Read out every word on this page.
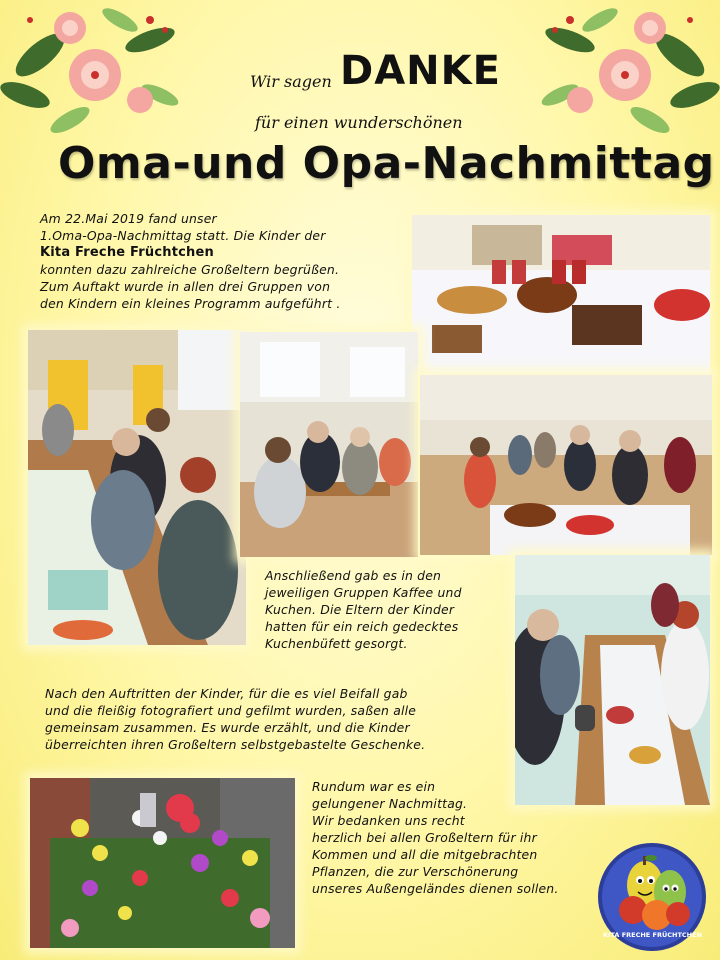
Wir sagen DANKE
für einen wunderschönen
Oma-und Opa-Nachmittag
Am 22.Mai 2019 fand unser
1.Oma-Opa-Nachmittag statt. Die Kinder der
Kita Freche Früchtchen
konnten dazu zahlreiche Großeltern begrüßen.
Zum Auftakt wurde in allen drei Gruppen von
den Kindern ein kleines Programm aufgeführt .
Anschließend gab es in den
jeweiligen Gruppen Kaffee und
Kuchen. Die Eltern der Kinder
hatten für ein reich gedecktes
Kuchenbüfett gesorgt.
Nach den Auftritten der Kinder, für die es viel Beifall gab
und die fleißig fotografiert und gefilmt wurden, saßen alle
gemeinsam zusammen. Es wurde erzählt, und die Kinder
überreichten ihren Großeltern selbstgebastelte Geschenke.
Rundum war es ein
gelungener Nachmittag.
Wir bedanken uns recht
herzlich bei allen Großeltern für ihr
Kommen und all die mitgebrachten
Pflanzen, die zur Verschönerung
unseres Außengeländes dienen sollen.
KITA FRECHE FRÜCHTCHEN
